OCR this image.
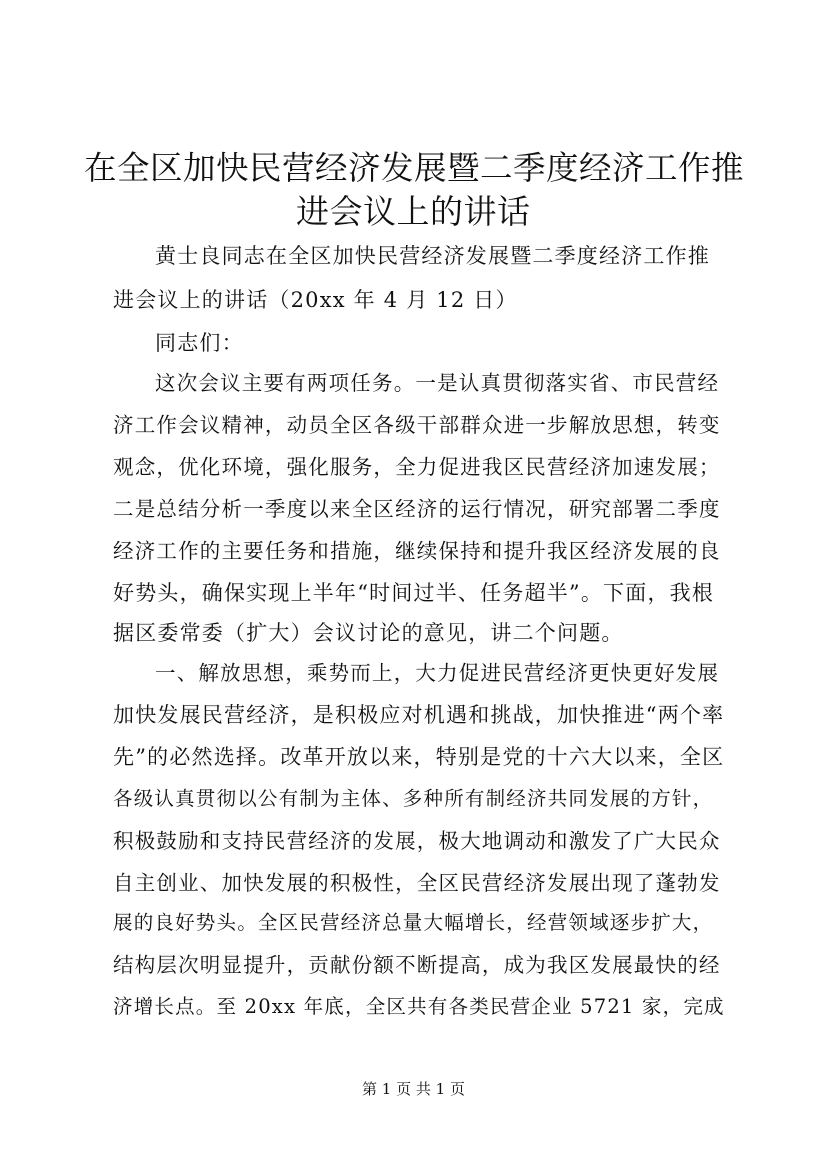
在全区加快民营经济发展暨二季度经济工作推
进会议上的讲话
黄士良同志在全区加快民营经济发展暨二季度经济工作推
进会议上的讲话（20xx 年 4 月 12 日）
同志们：
这次会议主要有两项任务。一是认真贯彻落实省、市民营经
济工作会议精神，动员全区各级干部群众进一步解放思想，转变
观念，优化环境，强化服务，全力促进我区民营经济加速发展；
二是总结分析一季度以来全区经济的运行情况，研究部署二季度
经济工作的主要任务和措施，继续保持和提升我区经济发展的良
好势头，确保实现上半年“时间过半、任务超半”。下面，我根
据区委常委（扩大）会议讨论的意见，讲二个问题。
一、解放思想，乘势而上，大力促进民营经济更快更好发展
加快发展民营经济，是积极应对机遇和挑战，加快推进“两个率
先”的必然选择。改革开放以来，特别是党的十六大以来，全区
各级认真贯彻以公有制为主体、多种所有制经济共同发展的方针，
积极鼓励和支持民营经济的发展，极大地调动和激发了广大民众
自主创业、加快发展的积极性，全区民营经济发展出现了蓬勃发
展的良好势头。全区民营经济总量大幅增长，经营领域逐步扩大，
结构层次明显提升，贡献份额不断提高，成为我区发展最快的经
济增长点。至 20xx 年底，全区共有各类民营企业 5721 家，完成
第 1 页 共 1 页
